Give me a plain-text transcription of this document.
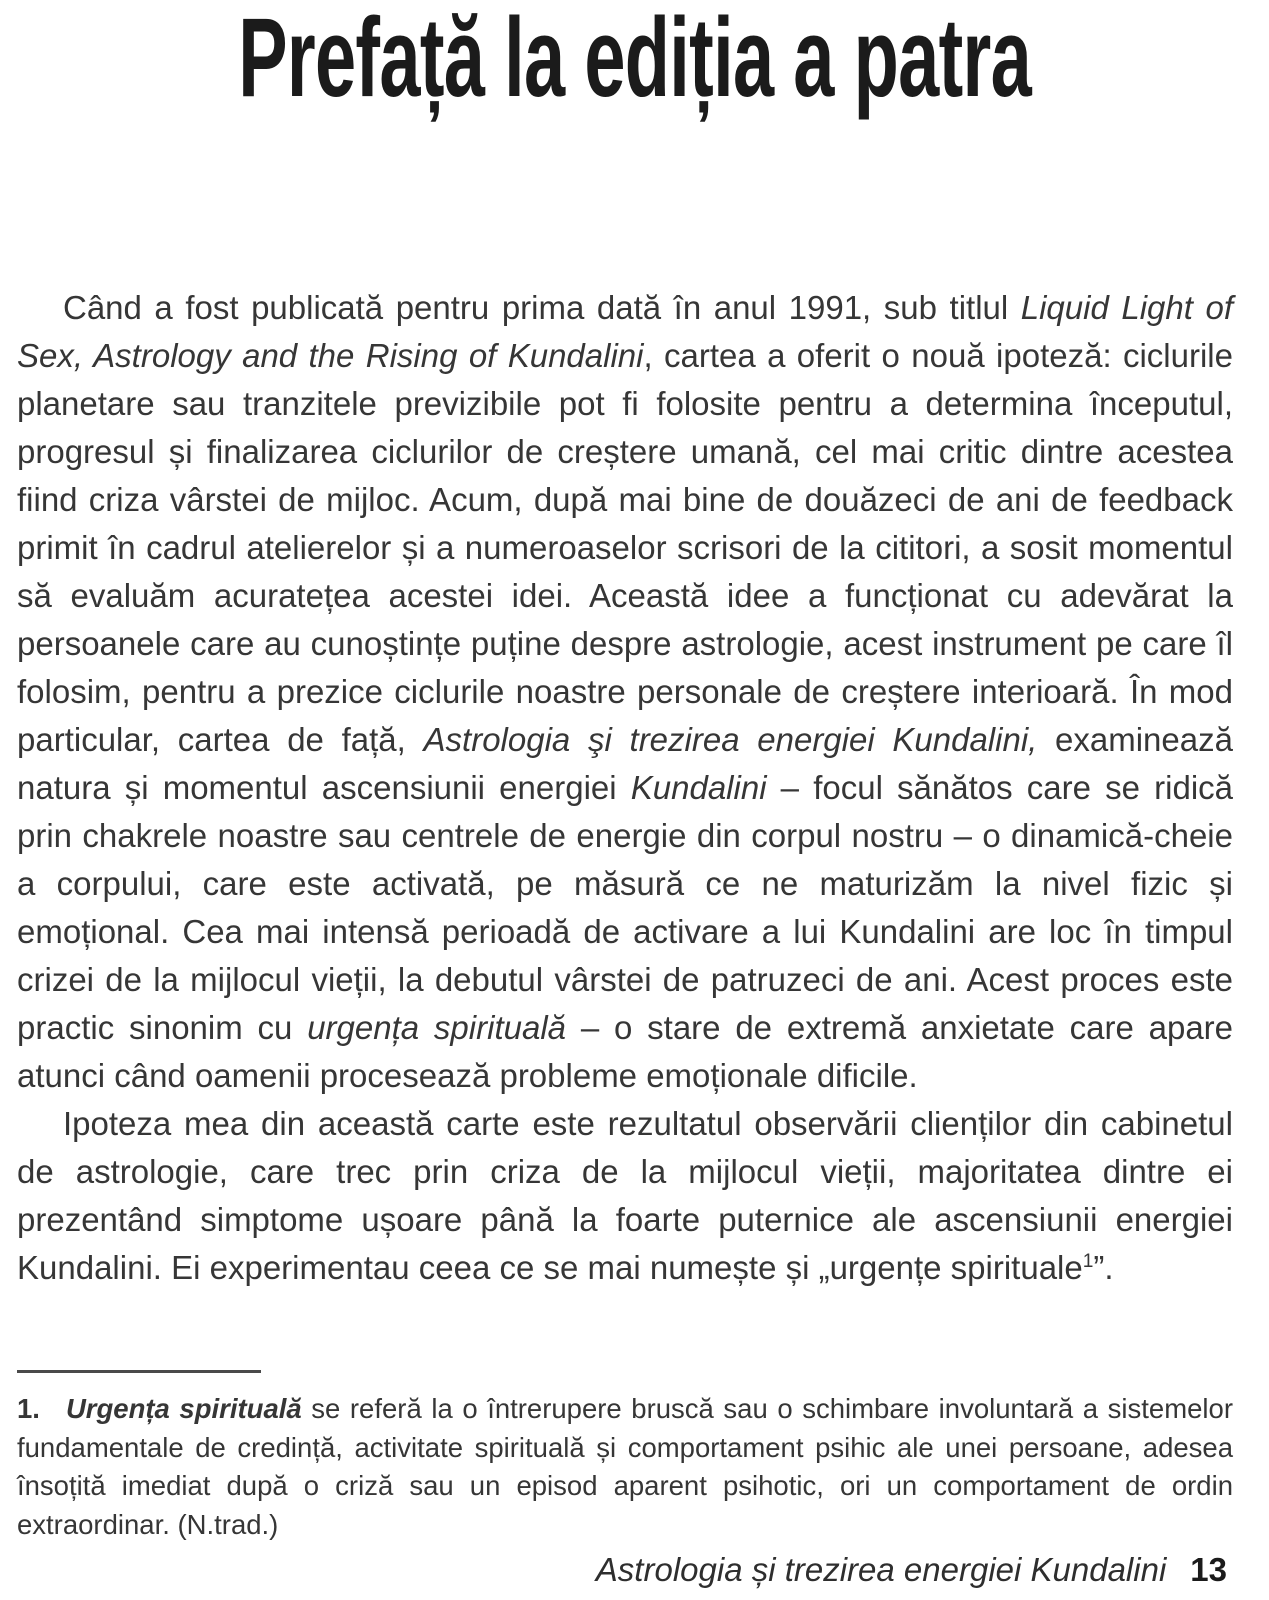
Prefață la ediția a patra

Când a fost publicată pentru prima dată în anul 1991, sub titlul Liquid Light of Sex, Astrology and the Rising of Kundalini, cartea a oferit o nouă ipoteză: ciclurile planetare sau tranzitele previzibile pot fi folosite pentru a determina începutul, progresul și finalizarea ciclurilor de creștere umană, cel mai critic dintre acestea fiind criza vârstei de mijloc. Acum, după mai bine de douăzeci de ani de feedback primit în cadrul atelierelor și a numeroaselor scrisori de la cititori, a sosit momentul să evaluăm acuratețea acestei idei. Această idee a funcționat cu adevărat la persoanele care au cunoștințe puține despre astrologie, acest instrument pe care îl folosim, pentru a prezice ciclurile noastre personale de creștere interioară. În mod particular, cartea de față, Astrologia şi trezirea energiei Kundalini, examinează natura și momentul ascensiunii energiei Kundalini – focul sănătos care se ridică prin chakrele noastre sau centrele de energie din corpul nostru – o dinamică-cheie a corpului, care este activată, pe măsură ce ne maturizăm la nivel fizic și emoțional. Cea mai intensă perioadă de activare a lui Kundalini are loc în timpul crizei de la mijlocul vieții, la debutul vârstei de patruzeci de ani. Acest proces este practic sinonim cu urgența spirituală – o stare de extremă anxietate care apare atunci când oamenii procesează probleme emoționale dificile.

Ipoteza mea din această carte este rezultatul observării clienților din cabinetul de astrologie, care trec prin criza de la mijlocul vieții, majoritatea dintre ei prezentând simptome ușoare până la foarte puternice ale ascensiunii energiei Kundalini. Ei experimentau ceea ce se mai numește și „urgențe spirituale$^1$”.

1. Urgența spirituală se referă la o întrerupere bruscă sau o schimbare involuntară a sistemelor fundamentale de credință, activitate spirituală și comportament psihic ale unei persoane, adesea însoțită imediat după o criză sau un episod aparent psihotic, ori un comportament de ordin extraordinar. (N.trad.)
Astrologia și trezirea energiei Kundalini 13
